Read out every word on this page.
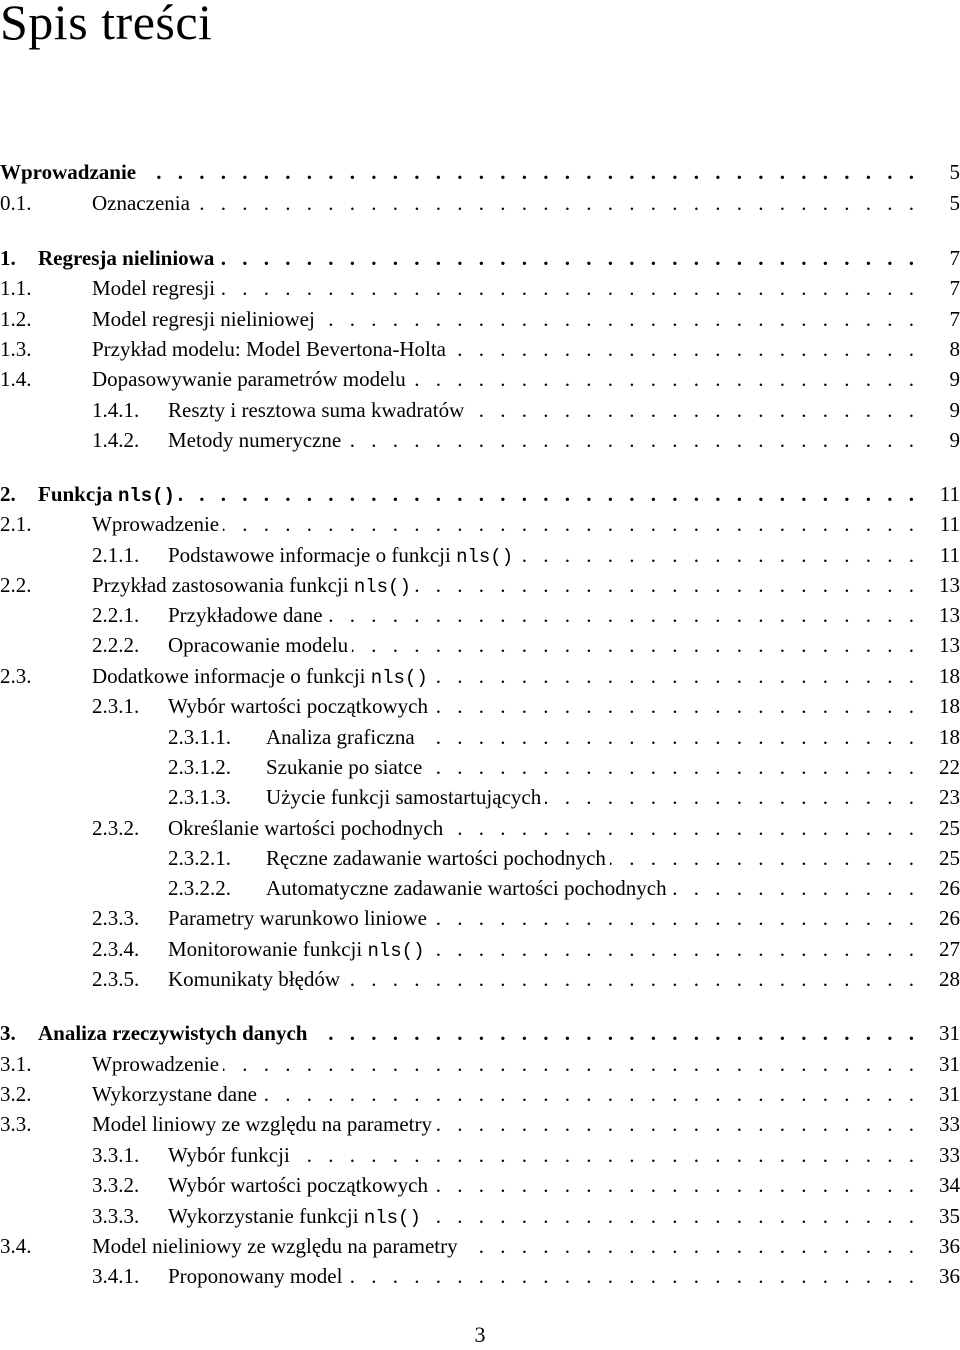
Spis treści
. . .
Wprowadzanie	5
0.1. . . .	Oznaczenia	5
1. . . . Regresja nieliniowa	7
1.1. . . .	Model regresji	7
1.2. . . .	Model regresji nieliniowej	7
1.3. . . .	Przykład modelu: Model Bevertona-Holta	8
1.4. . . .	Dopasowywanie parametrów modelu	9
1.4.1. . . . Reszty i resztowa suma kwadratów	9
1.4.2. . . . Metody numeryczne	9
2. . . . Funkcja nls()	11
2.1. . . .	Wprowadzenie	11
2.1.1. . . . Podstawowe informacje o funkcji nls()	11
2.2. . . .	Przykład zastosowania funkcji nls()	13
2.2.1. . . . Przykładowe dane	13
2.2.2. . . . Opracowanie modelu	13
2.3. . . .	Dodatkowe informacje o funkcji nls()	18
2.3.1. . . . Wybór wartości początkowych	18
2.3.1.1. . . . Analiza graficzna	18
2.3.1.2. . . . Szukanie po siatce	22
2.3.1.3. . . . Użycie funkcji samostartujących	23
2.3.2. . . . Określanie wartości pochodnych	25
2.3.2.1. . . . Ręczne zadawanie wartości pochodnych	25
2.3.2.2. . . . Automatyczne zadawanie wartości pochodnych	26
2.3.3. . . . Parametry warunkowo liniowe	26
2.3.4. . . . Monitorowanie funkcji nls()	27
2.3.5. . . . Komunikaty błędów	28
3. . . . Analiza rzeczywistych danych	31
3.1. . . .	Wprowadzenie	31
3.2. . . .	Wykorzystane dane	31
3.3. . . .	Model liniowy ze względu na parametry	33
3.3.1. . . . Wybór funkcji	33
3.3.2. . . . Wybór wartości początkowych	34
3.3.3. . . . Wykorzystanie funkcji nls()	35
3.4. . . .	Model nieliniowy ze względu na parametry	36
3.4.1. . . . Proponowany model	36
3
